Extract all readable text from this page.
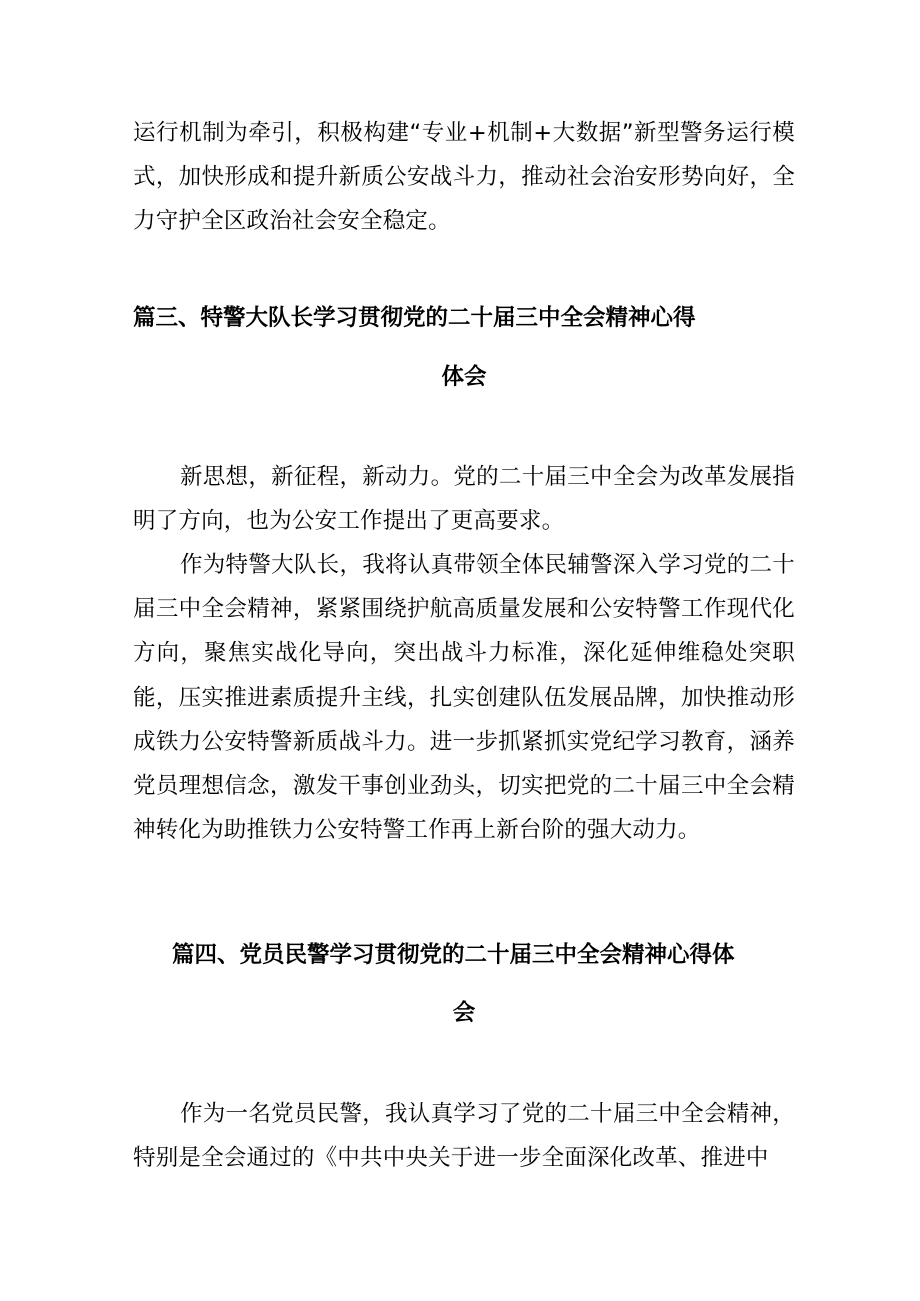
运行机制为牵引，积极构建“专业+机制+大数据”新型警务运行模式，加快形成和提升新质公安战斗力，推动社会治安形势向好，全力守护全区政治社会安全稳定。

篇三、特警大队长学习贯彻党的二十届三中全会精神心得
体会

新思想，新征程，新动力。党的二十届三中全会为改革发展指明了方向，也为公安工作提出了更高要求。

作为特警大队长，我将认真带领全体民辅警深入学习党的二十届三中全会精神，紧紧围绕护航高质量发展和公安特警工作现代化方向，聚焦实战化导向，突出战斗力标准，深化延伸维稳处突职能，压实推进素质提升主线，扎实创建队伍发展品牌，加快推动形成铁力公安特警新质战斗力。进一步抓紧抓实党纪学习教育，涵养党员理想信念，激发干事创业劲头，切实把党的二十届三中全会精神转化为助推铁力公安特警工作再上新台阶的强大动力。

篇四、党员民警学习贯彻党的二十届三中全会精神心得体
会

作为一名党员民警，我认真学习了党的二十届三中全会精神，特别是全会通过的《中共中央关于进一步全面深化改革、推进中
